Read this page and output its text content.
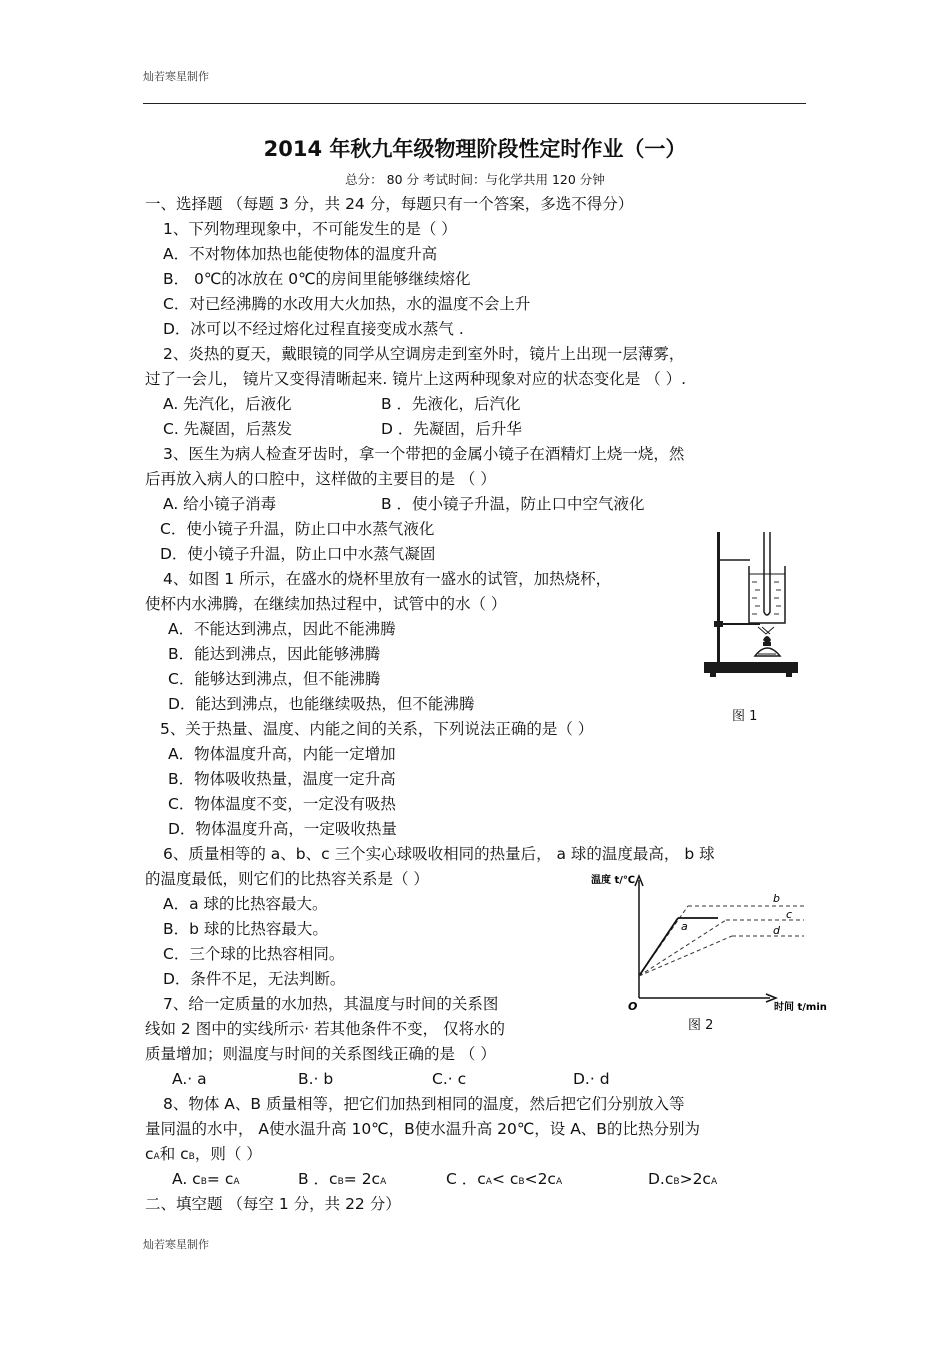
灿若寒星制作
灿若寒星制作
2014 年秋九年级物理阶段性定时作业（一）
总分： 80 分 考试时间：与化学共用 120 分钟
一、选择题 （每题 3 分，共 24 分，每题只有一个答案，多选不得分）
1、下列物理现象中，不可能发生的是（ ）
A．不对物体加热也能使物体的温度升高
B． 0℃的冰放在 0℃的房间里能够继续熔化
C．对已经沸腾的水改用大火加热，水的温度不会上升
D．冰可以不经过熔化过程直接变成水蒸气 .
2、炎热的夏天，戴眼镜的同学从空调房走到室外时，镜片上出现一层薄雾，
过了一会儿， 镜片又变得清晰起来. 镜片上这两种现象对应的状态变化是 （ ）.
A. 先汽化，后液化	B ．先液化，后汽化
C. 先凝固，后蒸发	D ．先凝固，后升华
3、医生为病人检查牙齿时，拿一个带把的金属小镜子在酒精灯上烧一烧，然
后再放入病人的口腔中，这样做的主要目的是 （ ）
A. 给小镜子消毒	B ．使小镜子升温，防止口中空气液化
C．使小镜子升温，防止口中水蒸气液化
D．使小镜子升温，防止口中水蒸气凝固
4、如图 1 所示，在盛水的烧杯里放有一盛水的试管，加热烧杯，
使杯内水沸腾，在继续加热过程中，试管中的水（ ）
A．不能达到沸点，因此不能沸腾
B．能达到沸点，因此能够沸腾
C．能够达到沸点，但不能沸腾
D．能达到沸点，也能继续吸热，但不能沸腾
图 1
5、关于热量、温度、内能之间的关系，下列说法正确的是（ ）
A．物体温度升高，内能一定增加
B．物体吸收热量，温度一定升高
C．物体温度不变，一定没有吸热
D．物体温度升高，一定吸收热量
6、质量相等的 a、b、c 三个实心球吸收相同的热量后， a 球的温度最高， b 球
的温度最低，则它们的比热容关系是（ ）
A．a 球的比热容最大。
B．b 球的比热容最大。
C．三个球的比热容相同。
D．条件不足，无法判断。
温度 t/℃
时间 t/min
O
a
b
c
d
图 2
7、给一定质量的水加热，其温度与时间的关系图
线如 2 图中的实线所示· 若其他条件不变， 仅将水的
质量增加；则温度与时间的关系图线正确的是 （ ）
A.· a	B.· b	C.· c	D.· d
8、物体 A、B 质量相等，把它们加热到相同的温度，然后把它们分别放入等
量同温的水中， A使水温升高 10℃，B使水温升高 20℃，设 A、B的比热分别为
cA和 cB，则（ ）
A. cB= cA	B ．cB= 2cA	C ．cA< cB<2cA	D.cB>2cA
二、填空题 （每空 1 分，共 22 分）
